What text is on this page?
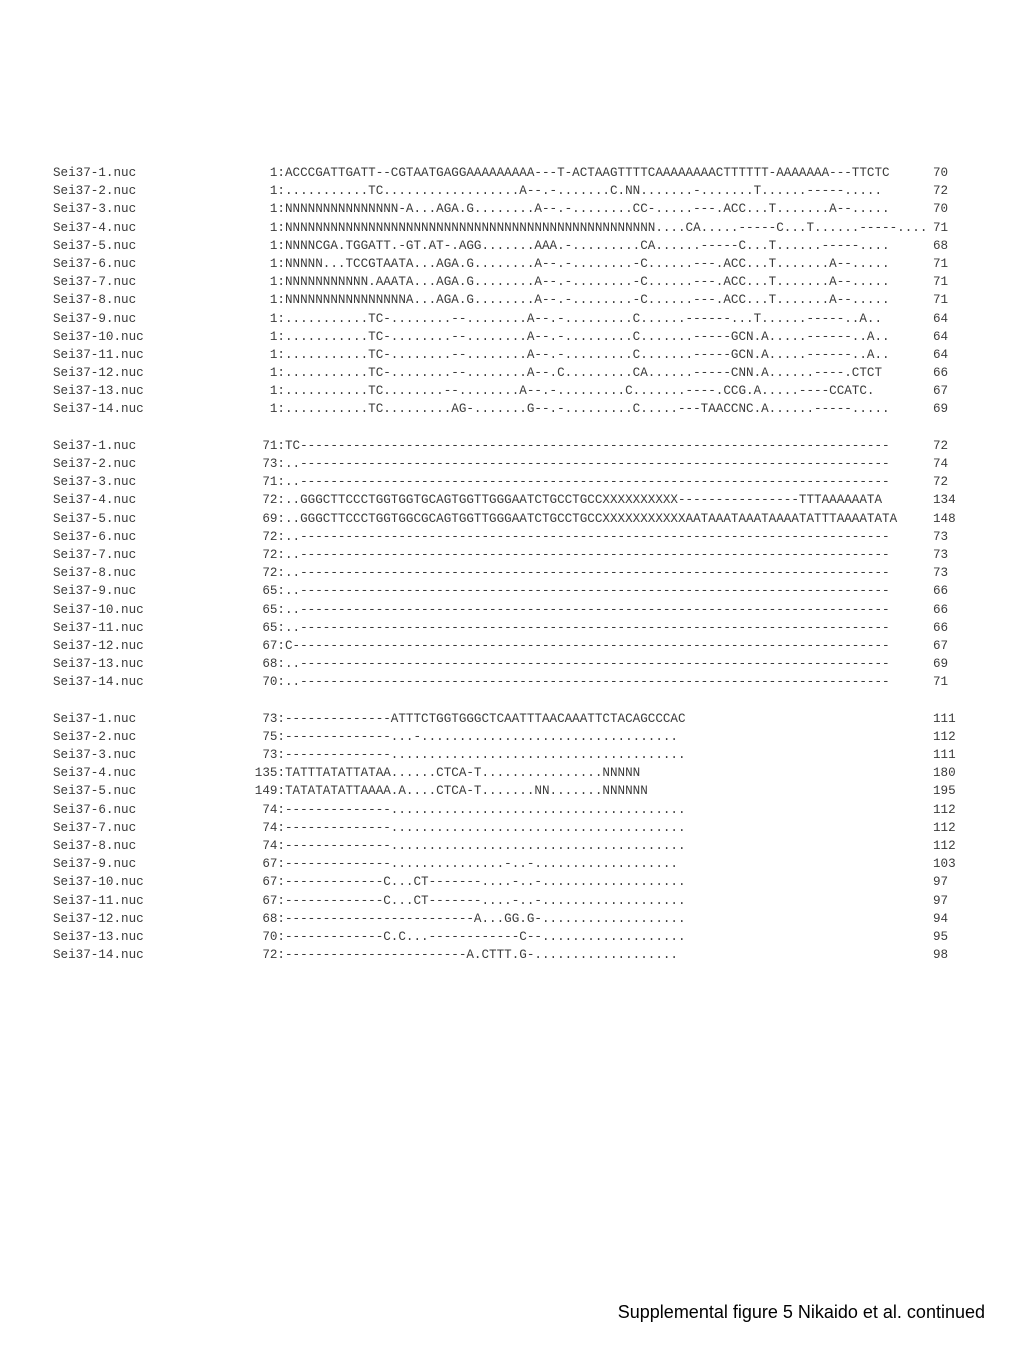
Sei37-1.nuc	1: ACCCGATTGATT--CGTAATGAGGAAAAAAAAA---T-ACTAAGTTTTCAAAAAAAACTTTTTT-AAAAAAA---TTCTC	70
Sei37-2.nuc	1: ...........TC..................A--.-.......C.NN.......-.......T......-----.....	72
Sei37-3.nuc	1: NNNNNNNNNNNNNNN-A...AGA.G........A--.-........CC-.....---.ACC...T.......A--.....	70
Sei37-4.nuc	1: NNNNNNNNNNNNNNNNNNNNNNNNNNNNNNNNNNNNNNNNNNNNNNNNN....CA.....-----C...T......-----.... 71
Sei37-5.nuc	1: NNNNCGA.TGGATT.-GT.AT-.AGG.......AAA.-.........CA......-----C...T......-----....	68
Sei37-6.nuc	1: NNNNN...TCCGTAATA...AGA.G........A--.-........-C......---.ACC...T.......A--.....	71
Sei37-7.nuc	1: NNNNNNNNNNN.AAATA...AGA.G........A--.-........-C......---.ACC...T.......A--.....	71
Sei37-8.nuc	1: NNNNNNNNNNNNNNNNA...AGA.G........A--.-........-C......---.ACC...T.......A--.....	71
Sei37-9.nuc	1: ...........TC-........--........A--.-.........C......------...T......-----..A..	64
Sei37-10.nuc	1: ...........TC-........--........A--.-.........C.......-----GCN.A.....------..A..	64
Sei37-11.nuc	1: ...........TC-........--........A--.-.........C.......-----GCN.A.....------..A..	64
Sei37-12.nuc	1: ...........TC-........--........A--.C.........CA......-----CNN.A......----.CTCT	66
Sei37-13.nuc	1: ...........TC........--........A--.-.........C.......----.CCG.A.....----CCATC.	67
Sei37-14.nuc	1: ...........TC.........AG-.......G--.-.........C.....---TAACCNC.A......-----.....	69
Sei37-1.nuc	71: TC------------------------------------------------------------------------------	72
Sei37-2.nuc	73: ..------------------------------------------------------------------------------	74
Sei37-3.nuc	71: ..------------------------------------------------------------------------------	72
Sei37-4.nuc	72: ..GGGCTTCCCTGGTGGTGCAGTGGTTGGGAATCTGCCTGCCXXXXXXXXXX----------------TTTAAAAAATA	134
Sei37-5.nuc	69: ..GGGCTTCCCTGGTGGCGCAGTGGTTGGGAATCTGCCTGCCXXXXXXXXXXXAATAAATAAATAAAATATTTAAAATATA	148
Sei37-6.nuc	72: ..------------------------------------------------------------------------------	73
Sei37-7.nuc	72: ..------------------------------------------------------------------------------	73
Sei37-8.nuc	72: ..------------------------------------------------------------------------------	73
Sei37-9.nuc	65: ..------------------------------------------------------------------------------	66
Sei37-10.nuc	65: ..------------------------------------------------------------------------------	66
Sei37-11.nuc	65: ..------------------------------------------------------------------------------	66
Sei37-12.nuc	67: C-------------------------------------------------------------------------------	67
Sei37-13.nuc	68: ..------------------------------------------------------------------------------	69
Sei37-14.nuc	70: ..------------------------------------------------------------------------------	71
Sei37-1.nuc	73: --------------ATTTCTGGTGGGCTCAATTTAACAAATTCTACAGCCCAC	111
Sei37-2.nuc	75: --------------...-..................................	112
Sei37-3.nuc	73: --------------.......................................	111
Sei37-4.nuc	135: TATTTATATTATAA......CTCA-T................NNNNN	180
Sei37-5.nuc	149: TATATATATTAAAA.A....CTCA-T.......NN.......NNNNNN	195
Sei37-6.nuc	74: --------------.......................................	112
Sei37-7.nuc	74: --------------.......................................	112
Sei37-8.nuc	74: --------------.......................................	112
Sei37-9.nuc	67: --------------...............-..-...................	103
Sei37-10.nuc	67: -------------C...CT-------....-..-...................	97
Sei37-11.nuc	67: -------------C...CT-------....-..-...................	97
Sei37-12.nuc	68: -------------------------A...GG.G-...................	94
Sei37-13.nuc	70: -------------C.C...------------C--...................	95
Sei37-14.nuc	72: ------------------------A.CTTT.G-...................	98
Supplemental figure 5 Nikaido et al. continued
